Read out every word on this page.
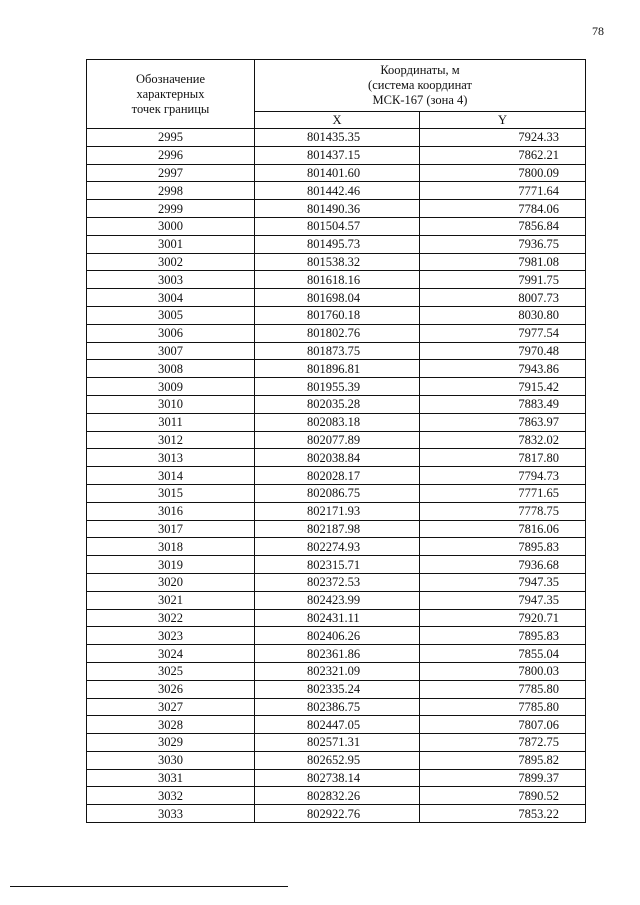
78
Обозначение
характерных
точек границы	Координаты, м
(система координат
МСК-167 (зона 4)	

	X	Y
2995	801435.35	7924.33
2996	801437.15	7862.21
2997	801401.60	7800.09
2998	801442.46	7771.64
2999	801490.36	7784.06
3000	801504.57	7856.84
3001	801495.73	7936.75
3002	801538.32	7981.08
3003	801618.16	7991.75
3004	801698.04	8007.73
3005	801760.18	8030.80
3006	801802.76	7977.54
3007	801873.75	7970.48
3008	801896.81	7943.86
3009	801955.39	7915.42
3010	802035.28	7883.49
3011	802083.18	7863.97
3012	802077.89	7832.02
3013	802038.84	7817.80
3014	802028.17	7794.73
3015	802086.75	7771.65
3016	802171.93	7778.75
3017	802187.98	7816.06
3018	802274.93	7895.83
3019	802315.71	7936.68
3020	802372.53	7947.35
3021	802423.99	7947.35
3022	802431.11	7920.71
3023	802406.26	7895.83
3024	802361.86	7855.04
3025	802321.09	7800.03
3026	802335.24	7785.80
3027	802386.75	7785.80
3028	802447.05	7807.06
3029	802571.31	7872.75
3030	802652.95	7895.82
3031	802738.14	7899.37
3032	802832.26	7890.52
3033	802922.76	7853.22
